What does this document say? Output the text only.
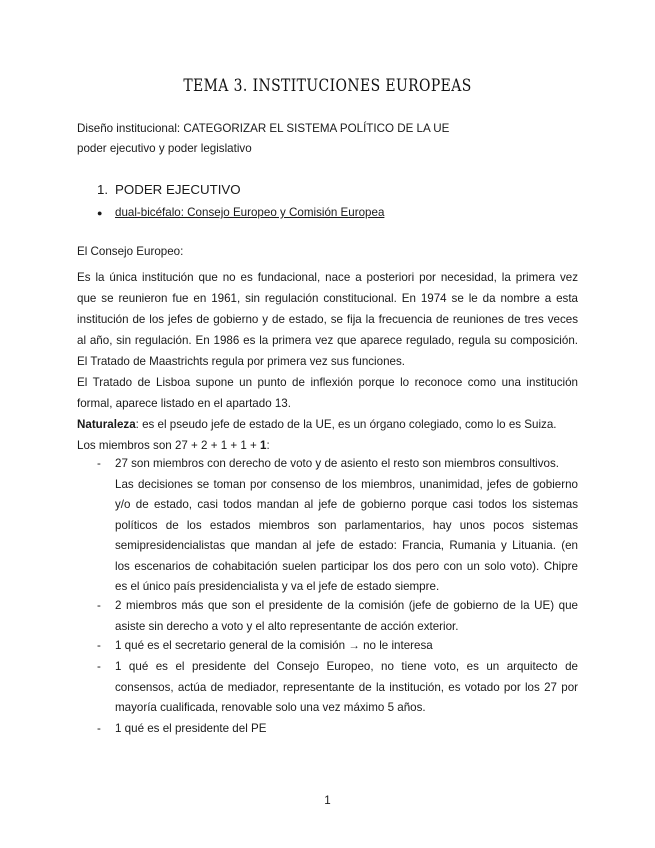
TEMA 3. INSTITUCIONES EUROPEAS
Diseño institucional: CATEGORIZAR EL SISTEMA POLÍTICO DE LA UE
poder ejecutivo y poder legislativo
1. PODER EJECUTIVO
● dual-bicéfalo: Consejo Europeo y Comisión Europea
El Consejo Europeo:
Es la única institución que no es fundacional, nace a posteriori por necesidad, la primera vez
que se reunieron fue en 1961, sin regulación constitucional. En 1974 se le da nombre a esta
institución de los jefes de gobierno y de estado, se fija la frecuencia de reuniones de tres veces
al año, sin regulación. En 1986 es la primera vez que aparece regulado, regula su composición.
El Tratado de Maastrichts regula por primera vez sus funciones.
El Tratado de Lisboa supone un punto de inflexión porque lo reconoce como una institución
formal, aparece listado en el apartado 13.
Naturaleza: es el pseudo jefe de estado de la UE, es un órgano colegiado, como lo es Suiza.
Los miembros son 27 + 2 + 1 + 1 + 1:
- 27 son miembros con derecho de voto y de asiento el resto son miembros consultivos.
Las decisiones se toman por consenso de los miembros, unanimidad, jefes de gobierno
y/o de estado, casi todos mandan al jefe de gobierno porque casi todos los sistemas
políticos de los estados miembros son parlamentarios, hay unos pocos sistemas
semipresidencialistas que mandan al jefe de estado: Francia, Rumania y Lituania. (en
los escenarios de cohabitación suelen participar los dos pero con un solo voto). Chipre
es el único país presidencialista y va el jefe de estado siempre.
- 2 miembros más que son el presidente de la comisión (jefe de gobierno de la UE) que
asiste sin derecho a voto y el alto representante de acción exterior.
- 1 qué es el secretario general de la comisión → no le interesa
- 1 qué es el presidente del Consejo Europeo, no tiene voto, es un arquitecto de
consensos, actúa de mediador, representante de la institución, es votado por los 27 por
mayoría cualificada, renovable solo una vez máximo 5 años.
- 1 qué es el presidente del PE
1
